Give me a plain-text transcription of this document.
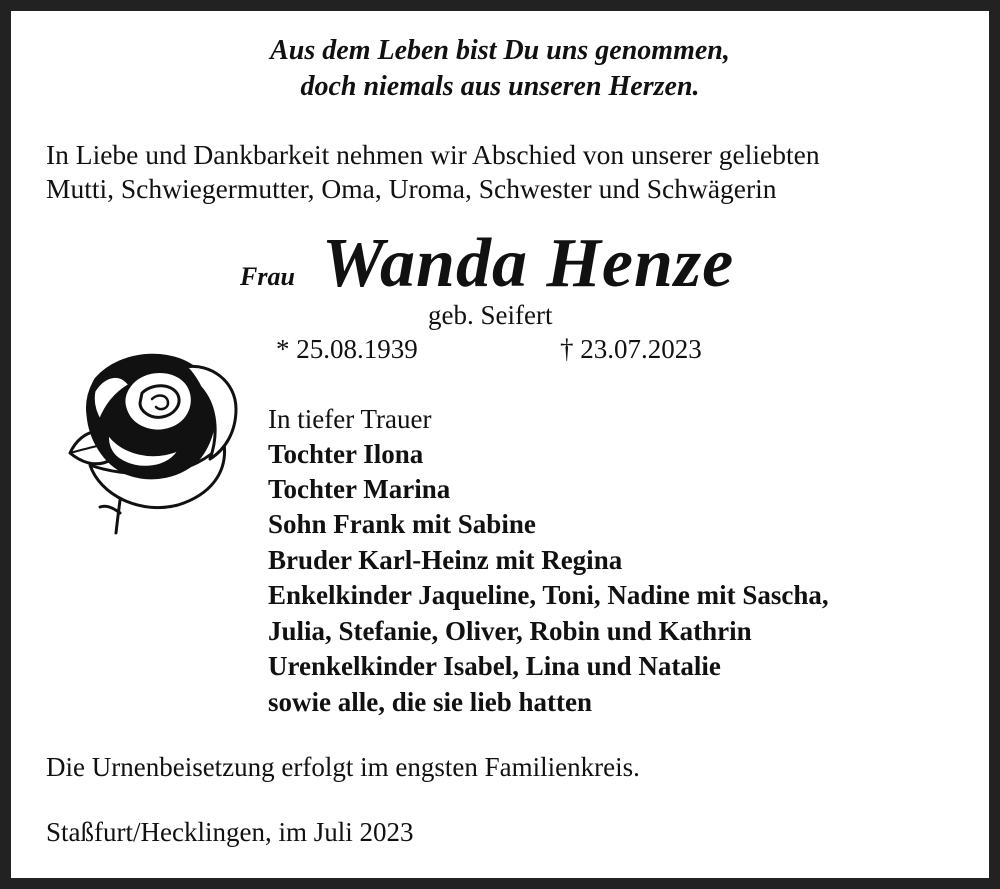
Aus dem Leben bist Du uns genommen,
doch niemals aus unseren Herzen.
In Liebe und Dankbarkeit nehmen wir Abschied von unserer geliebten
Mutti, Schwiegermutter, Oma, Uroma, Schwester und Schwägerin
Frau Wanda Henze
geb. Seifert
* 25.08.1939	† 23.07.2023
In tiefer Trauer
Tochter Ilona
Tochter Marina
Sohn Frank mit Sabine
Bruder Karl-Heinz mit Regina
Enkelkinder Jaqueline, Toni, Nadine mit Sascha,
Julia, Stefanie, Oliver, Robin und Kathrin
Urenkelkinder Isabel, Lina und Natalie
sowie alle, die sie lieb hatten
Die Urnenbeisetzung erfolgt im engsten Familienkreis.
Staßfurt/Hecklingen, im Juli 2023
